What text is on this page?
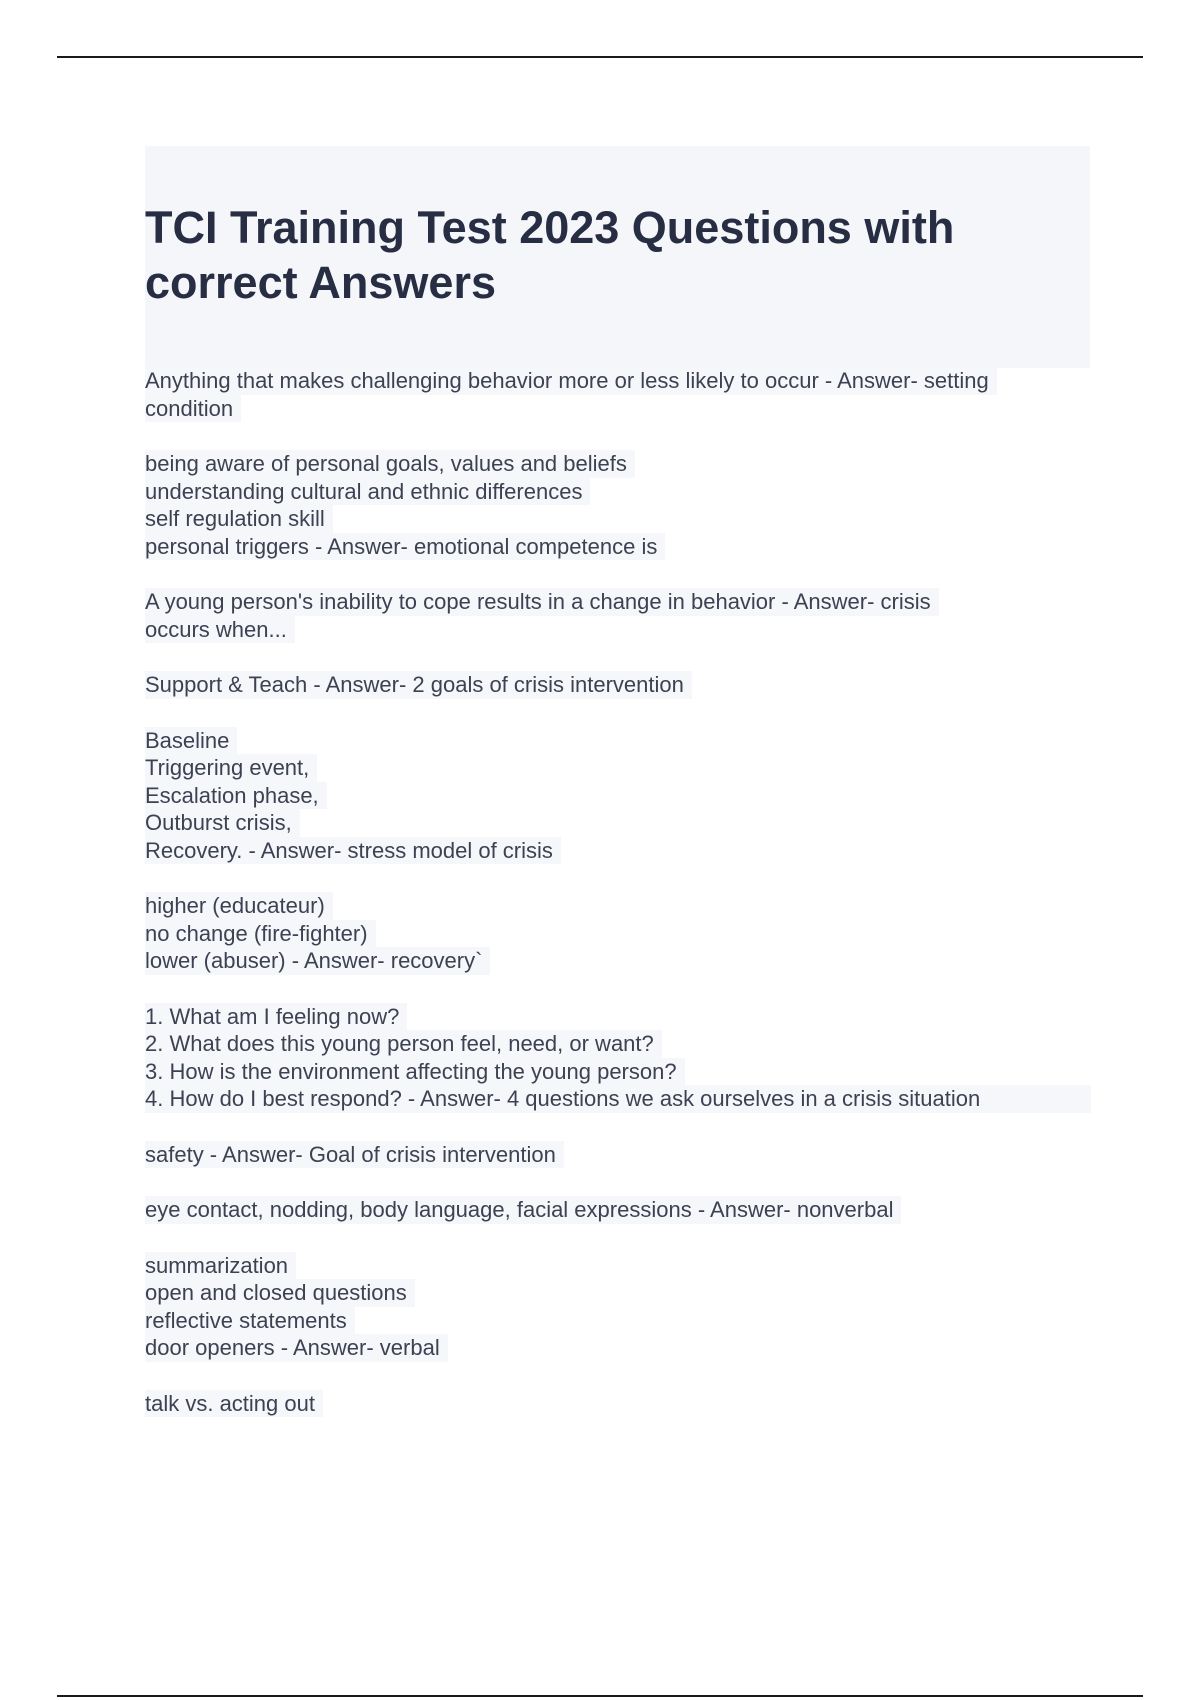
TCI Training Test 2023 Questions with correct Answers
Anything that makes challenging behavior more or less likely to occur - Answer- setting
condition
being aware of personal goals, values and beliefs
understanding cultural and ethnic differences
self regulation skill
personal triggers - Answer- emotional competence is
A young person's inability to cope results in a change in behavior - Answer- crisis
occurs when...
Support & Teach - Answer- 2 goals of crisis intervention
Baseline
Triggering event,
Escalation phase,
Outburst crisis,
Recovery. - Answer- stress model of crisis
higher (educateur)
no change (fire-fighter)
lower (abuser) - Answer- recovery`
1. What am I feeling now?
2. What does this young person feel, need, or want?
3. How is the environment affecting the young person?
4. How do I best respond? - Answer- 4 questions we ask ourselves in a crisis situation
safety - Answer- Goal of crisis intervention
eye contact, nodding, body language, facial expressions - Answer- nonverbal
summarization
open and closed questions
reflective statements
door openers - Answer- verbal
talk vs. acting out
